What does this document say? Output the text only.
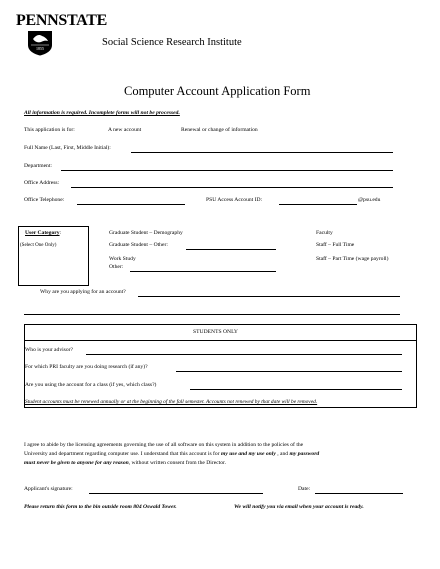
PENNSTATE
1855
Social Science Research Institute
Computer Account Application Form
All information is required. Incomplete forms will not be processed.
This application is for:	A new account	Renewal or change of information
Full Name (Last, First, Middle Initial):
Department:
Office Address:
Office Telephone:	PSU Access Account ID:	@psu.edu
User Category:
(Select One Only)
Graduate Student – Demography
Graduate Student – Other:
Work Study
Other:
Faculty
Staff – Full Time
Staff – Part Time (wage payroll)
Why are you applying for an account?
STUDENTS ONLY
Who is your advisor?
For which PRI faculty are you doing research (if any)?
Are you using the account for a class (if yes, which class?)
Student accounts must be renewed annually or at the beginning of the fall semester. Accounts not renewed by that date will be removed.
I agree to abide by the licensing agreements governing the use of all software on this system in addition to the policies of the
University and department regarding computer use. I understand that this account is for my use and my use only , and my password
must never be given to anyone for any reason, without written consent from the Director.
Applicant's signature:	Date:
Please return this form to the bin outside room 804 Oswald Tower.	We will notify you via email when your account is ready.
